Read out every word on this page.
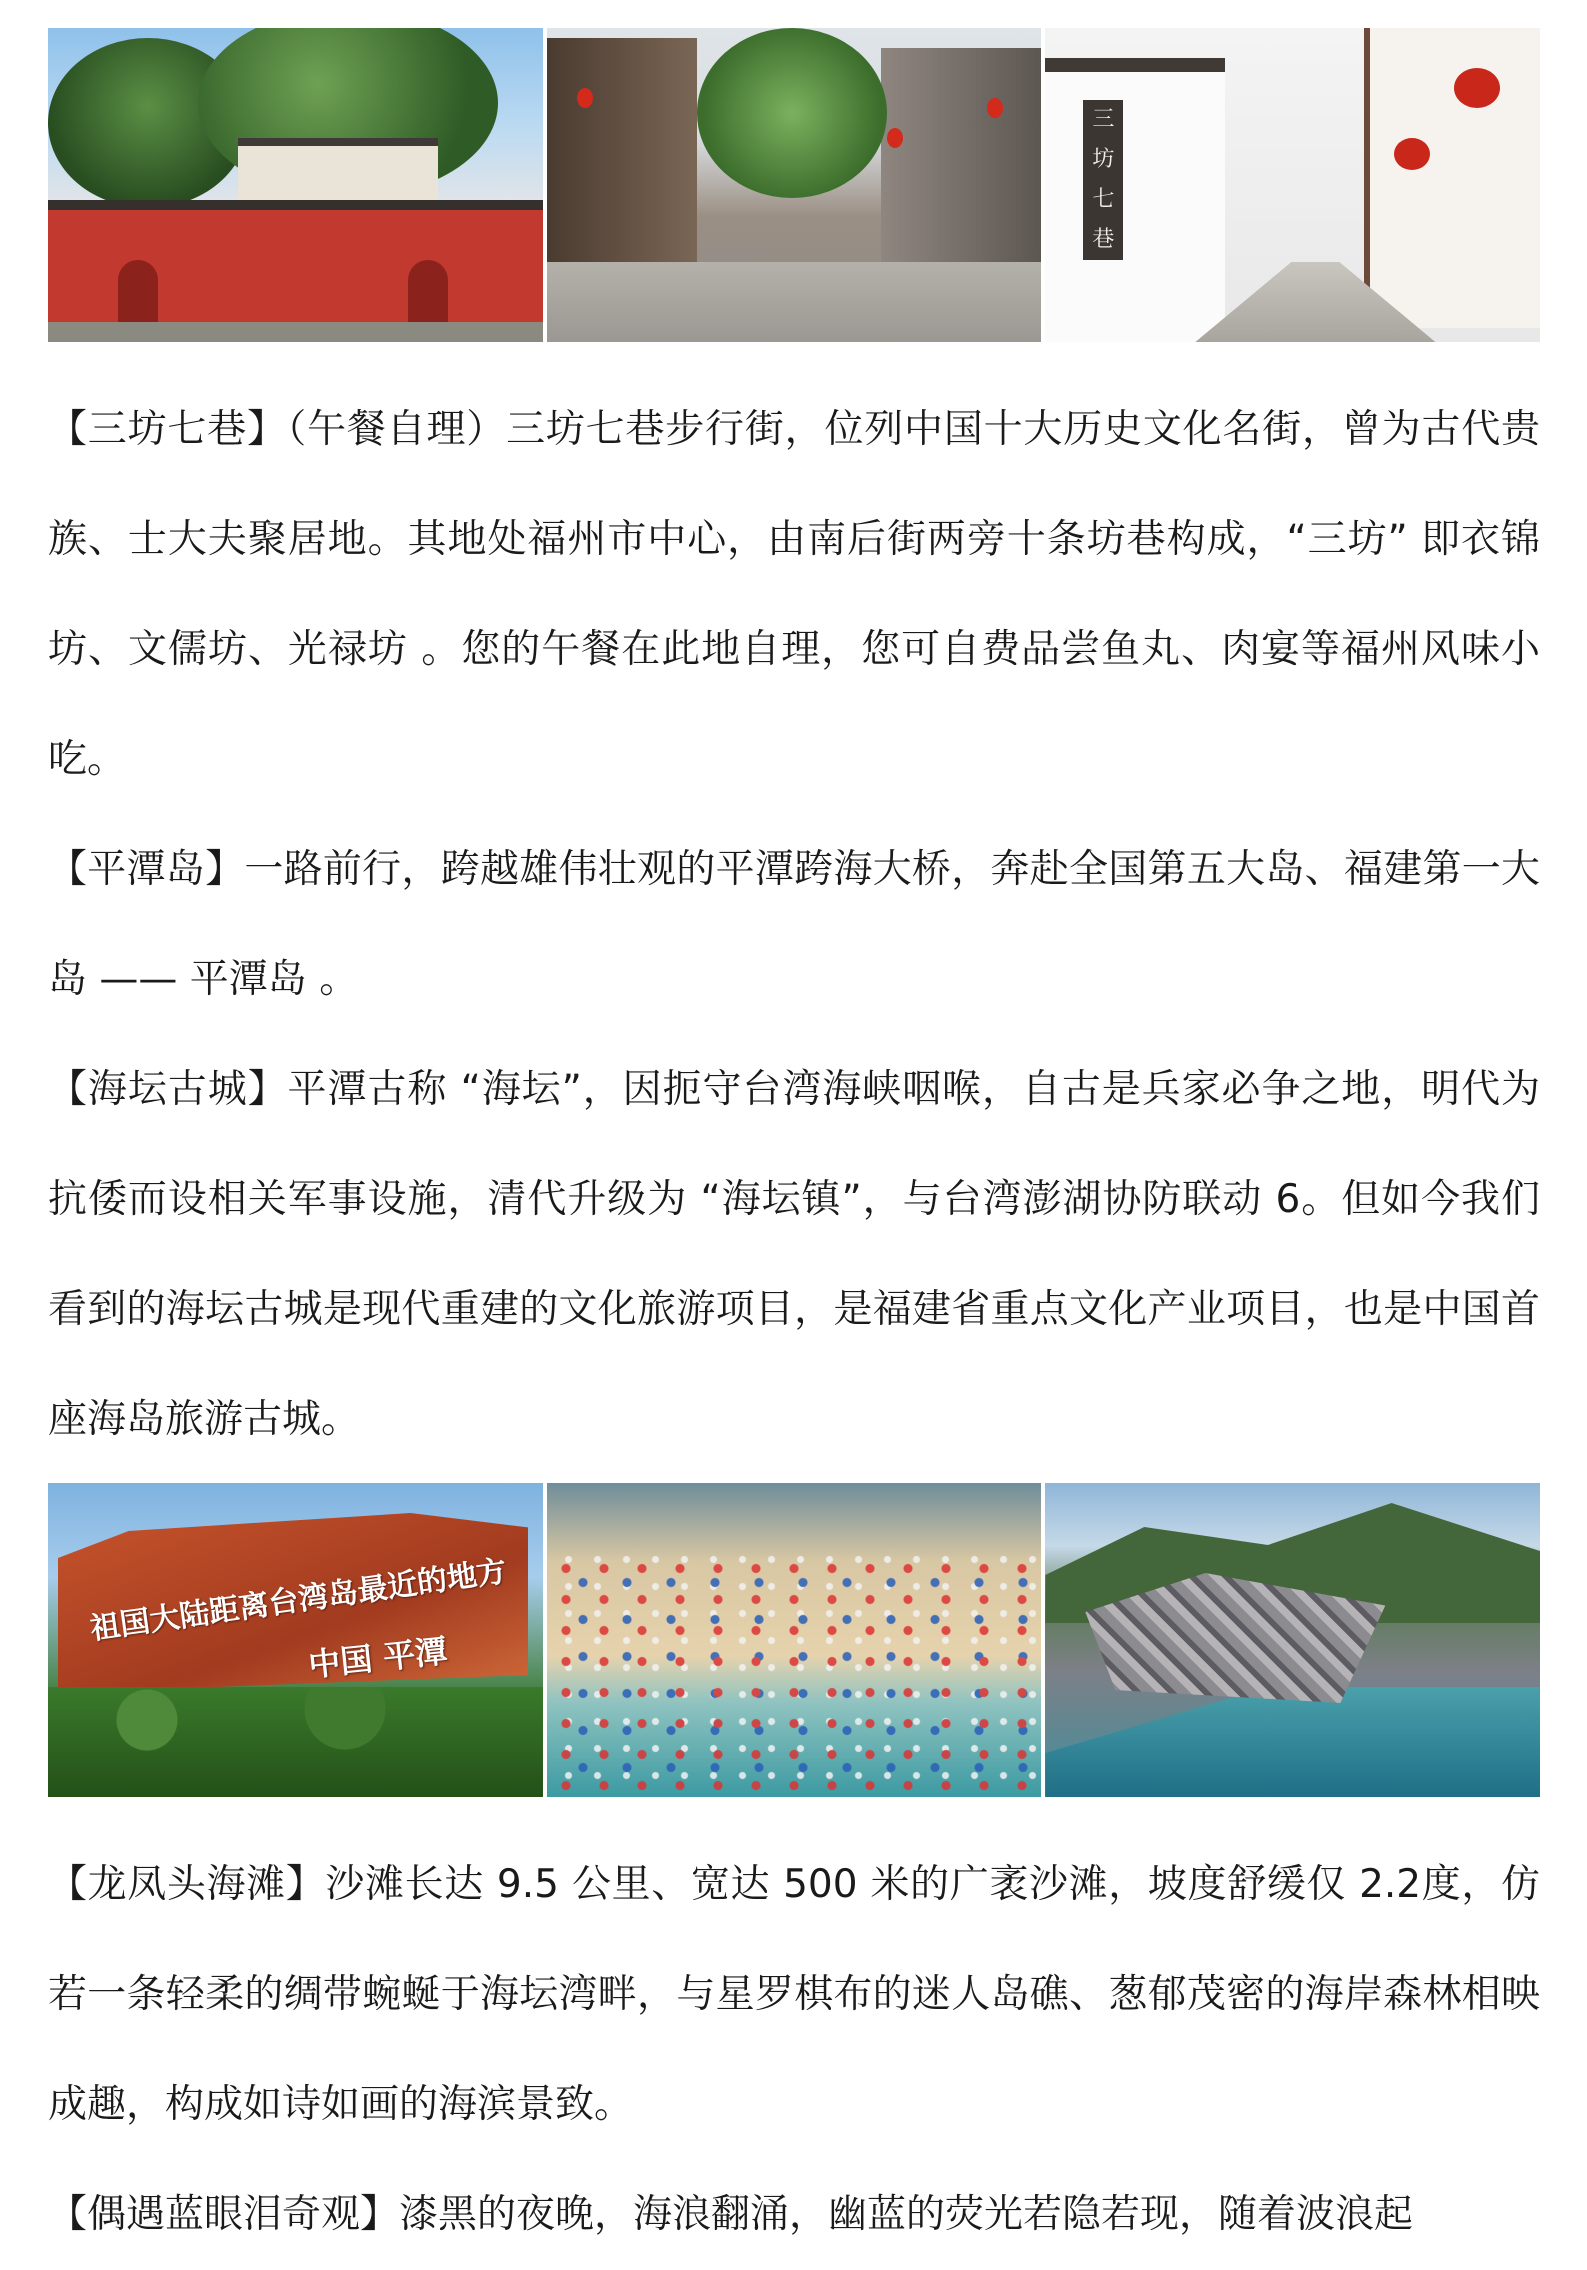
三
坊
七
巷

【三坊七巷】（午餐自理）三坊七巷步行街，位列中国十大历史文化名街，曾为古代贵族、士大夫聚居地。其地处福州市中心，由南后街两旁十条坊巷构成，“三坊” 即衣锦坊、文儒坊、光禄坊 。您的午餐在此地自理，您可自费品尝鱼丸、肉宴等福州风味小吃。

【平潭岛】一路前行，跨越雄伟壮观的平潭跨海大桥，奔赴全国第五大岛、福建第一大岛 —— 平潭岛 。

【海坛古城】平潭古称 “海坛”，因扼守台湾海峡咽喉，自古是兵家必争之地，明代为抗倭而设相关军事设施，清代升级为 “海坛镇”，与台湾澎湖协防联动 6。但如今我们看到的海坛古城是现代重建的文化旅游项目，是福建省重点文化产业项目，也是中国首座海岛旅游古城。

祖国大陆距离台湾岛最近的地方
中国 平潭

【龙凤头海滩】沙滩长达 9.5 公里、宽达 500 米的广袤沙滩，坡度舒缓仅 2.2度，仿若一条轻柔的绸带蜿蜒于海坛湾畔，与星罗棋布的迷人岛礁、葱郁茂密的海岸森林相映成趣，构成如诗如画的海滨景致。

【偶遇蓝眼泪奇观】漆黑的夜晚，海浪翻涌，幽蓝的荧光若隐若现，随着波浪起
